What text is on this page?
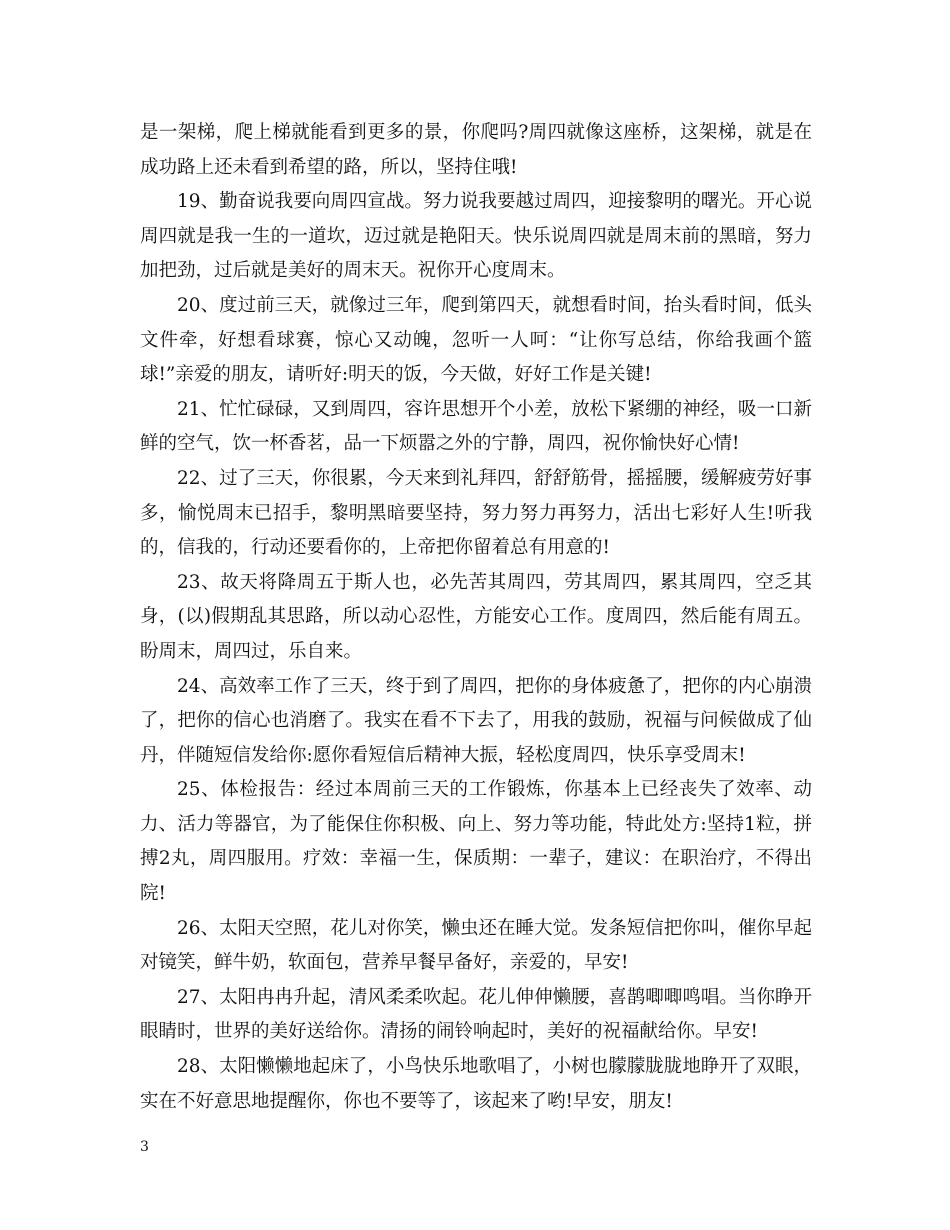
是一架梯，爬上梯就能看到更多的景，你爬吗?周四就像这座桥，这架梯，就是在成功路上还未看到希望的路，所以，坚持住哦!

19、勤奋说我要向周四宣战。努力说我要越过周四，迎接黎明的曙光。开心说周四就是我一生的一道坎，迈过就是艳阳天。快乐说周四就是周末前的黑暗，努力加把劲，过后就是美好的周末天。祝你开心度周末。

20、度过前三天，就像过三年，爬到第四天，就想看时间，抬头看时间，低头文件牵，好想看球赛，惊心又动魄，忽听一人呵：“让你写总结，你给我画个篮球!”亲爱的朋友，请听好:明天的饭，今天做，好好工作是关键!

21、忙忙碌碌，又到周四，容许思想开个小差，放松下紧绷的神经，吸一口新鲜的空气，饮一杯香茗，品一下烦嚣之外的宁静，周四，祝你愉快好心情!

22、过了三天，你很累，今天来到礼拜四，舒舒筋骨，摇摇腰，缓解疲劳好事多，愉悦周末已招手，黎明黑暗要坚持，努力努力再努力，活出七彩好人生!听我的，信我的，行动还要看你的，上帝把你留着总有用意的!

23、故天将降周五于斯人也，必先苦其周四，劳其周四，累其周四，空乏其身，(以)假期乱其思路，所以动心忍性，方能安心工作。度周四，然后能有周五。盼周末，周四过，乐自来。

24、高效率工作了三天，终于到了周四，把你的身体疲惫了，把你的内心崩溃了，把你的信心也消磨了。我实在看不下去了，用我的鼓励，祝福与问候做成了仙丹，伴随短信发给你:愿你看短信后精神大振，轻松度周四，快乐享受周末!

25、体检报告：经过本周前三天的工作锻炼，你基本上已经丧失了效率、动力、活力等器官，为了能保住你积极、向上、努力等功能，特此处方:坚持1粒，拼搏2丸，周四服用。疗效：幸福一生，保质期：一辈子，建议：在职治疗，不得出院!

26、太阳天空照，花儿对你笑，懒虫还在睡大觉。发条短信把你叫，催你早起对镜笑，鲜牛奶，软面包，营养早餐早备好，亲爱的，早安!

27、太阳冉冉升起，清风柔柔吹起。花儿伸伸懒腰，喜鹊唧唧鸣唱。当你睁开眼睛时，世界的美好送给你。清扬的闹铃响起时，美好的祝福献给你。早安!

28、太阳懒懒地起床了，小鸟快乐地歌唱了，小树也朦朦胧胧地睁开了双眼，实在不好意思地提醒你，你也不要等了，该起来了哟!早安，朋友!

3
